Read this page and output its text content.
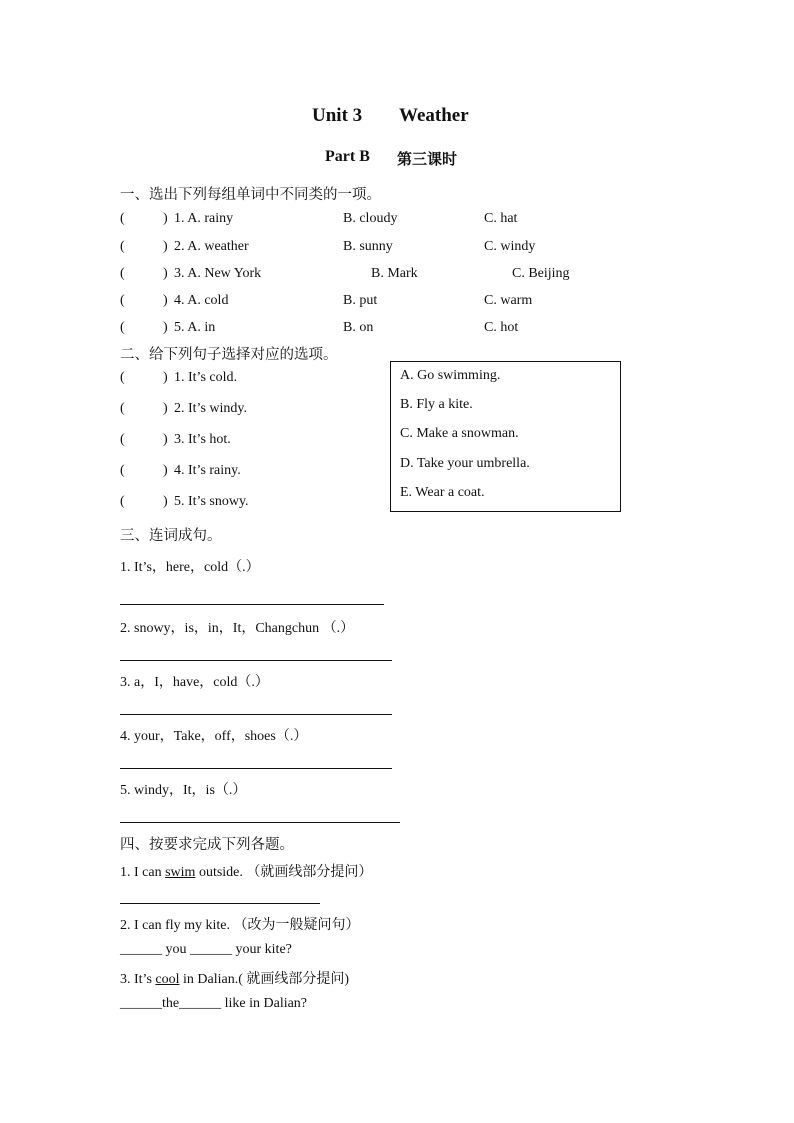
Unit 3 Weather
Part B 第三课时
一、选出下列每组单词中不同类的一项。
(	) 1. A. rainy	B. cloudy	C. hat
(	) 2. A. weather	B. sunny	C. windy
(	) 3. A. New York	B. Mark	C. Beijing
(	) 4. A. cold	B. put	C. warm
(	) 5. A. in	B. on	C. hot
二、给下列句子选择对应的选项。
(	) 1. It’s cold.
(	) 2. It’s windy.
(	) 3. It’s hot.
(	) 4. It’s rainy.
(	) 5. It’s snowy.
A. Go swimming.
B. Fly a kite.
C. Make a snowman.
D. Take your umbrella.
E. Wear a coat.
三、连词成句。
1. It’s，here，cold（.）
2. snowy，is，in，It，Changchun （.）
3. a，I，have，cold（.）
4. your，Take，off，shoes（.）
5. windy，It，is（.）
四、按要求完成下列各题。
1. I can swim outside. （就画线部分提问）
2. I can fly my kite. （改为一般疑问句）
______ you ______ your kite?
3. It’s cool in Dalian.( 就画线部分提问)
______the______ like in Dalian?
